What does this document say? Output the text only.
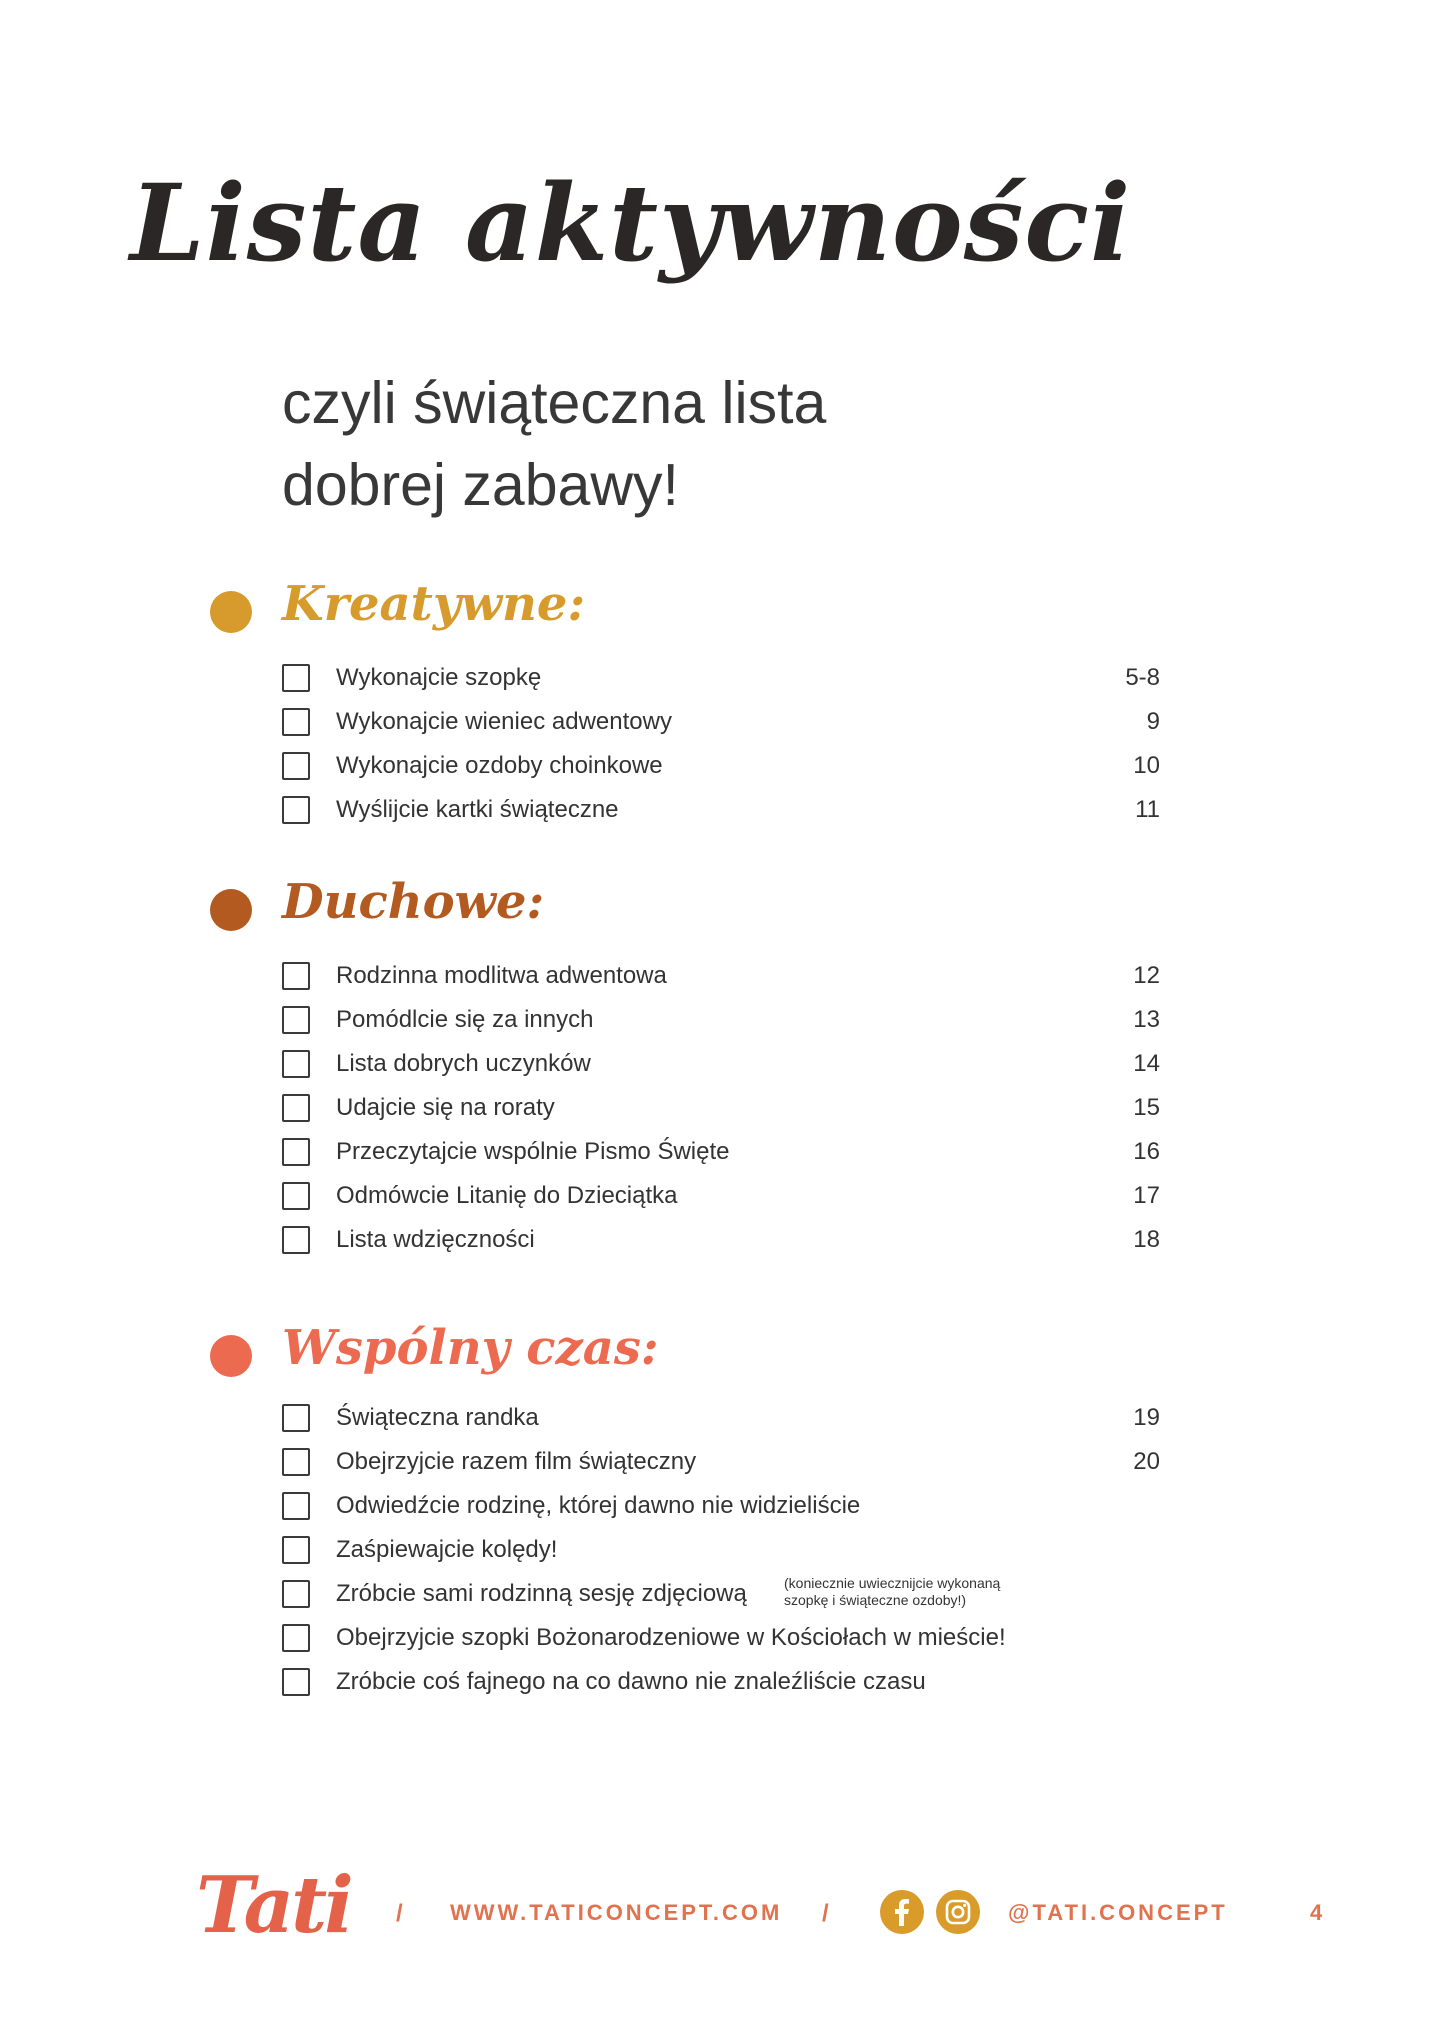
Lista aktywności
czyli świąteczna lista
dobrej zabawy!
Kreatywne:
Wykonajcie szopkę	5-8
Wykonajcie wieniec adwentowy	9
Wykonajcie ozdoby choinkowe	10
Wyślijcie kartki świąteczne	11
Duchowe:
Rodzinna modlitwa adwentowa	12
Pomódlcie się za innych	13
Lista dobrych uczynków	14
Udajcie się na roraty	15
Przeczytajcie wspólnie Pismo Święte	16
Odmówcie Litanię do Dzieciątka	17
Lista wdzięczności	18
Wspólny czas:
Świąteczna randka	19
Obejrzyjcie razem film świąteczny	20
Odwiedźcie rodzinę, której dawno nie widzieliście
Zaśpiewajcie kolędy!
Zróbcie sami rodzinną sesję zdjęciową	(koniecznie uwiecznijcie wykonaną
szopkę i świąteczne ozdoby!)
Obejrzyjcie szopki Bożonarodzeniowe w Kościołach w mieście!
Zróbcie coś fajnego na co dawno nie znaleźliście czasu
Tati / WWW.TATICONCEPT.COM /	@TATI.CONCEPT	4
